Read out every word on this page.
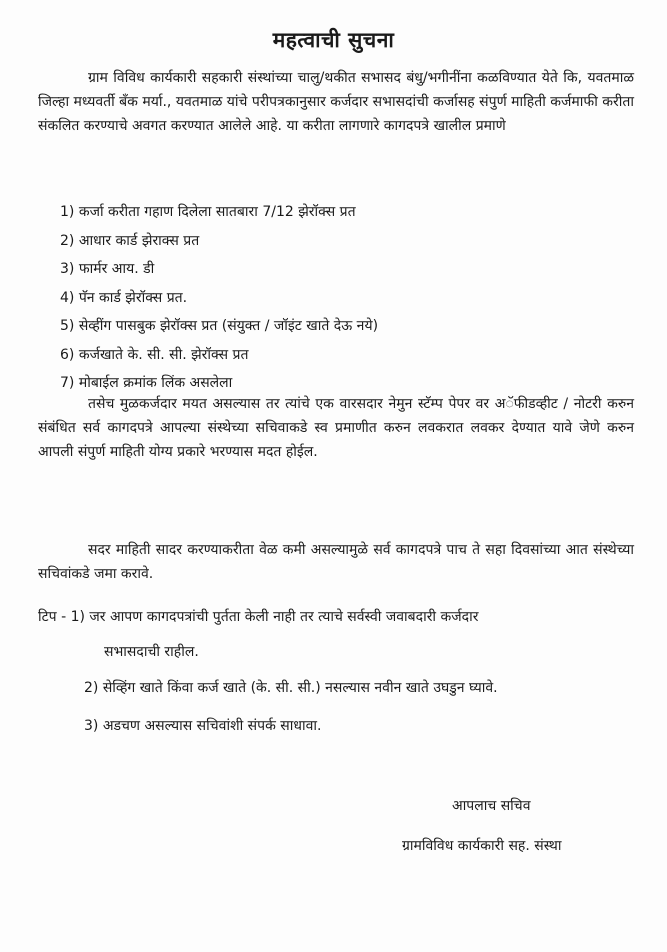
महत्वाची सुचना

ग्राम विविध कार्यकारी सहकारी संस्थांच्या चालु/थकीत सभासद बंधु/भगीनींना कळविण्यात येते कि, यवतमाळ जिल्हा मध्यवर्ती बँक मर्या., यवतमाळ यांचे परीपत्रकानुसार कर्जदार सभासदांची कर्जासह संपुर्ण माहिती कर्जमाफी करीता संकलित करण्याचे अवगत करण्यात आलेले आहे. या करीता लागणारे कागदपत्रे खालील प्रमाणे

1) कर्जा करीता गहाण दिलेला सातबारा 7/12 झेरॉक्स प्रत
2) आधार कार्ड झेराक्स प्रत
3) फार्मर आय. डी
4) पॅन कार्ड झेरॉक्स प्रत.
5) सेव्हींग पासबुक झेरॉक्स प्रत (संयुक्त / जॉइंट खाते देऊ नये)
6) कर्जखाते के. सी. सी. झेरॉक्स प्रत
7) मोबाईल क्रमांक लिंक असलेला

तसेच मुळकर्जदार मयत असल्यास तर त्यांचे एक वारसदार नेमुन स्टॅम्प पेपर वर अॅफीडव्हीट / नोटरी करुन संबंधित सर्व कागदपत्रे आपल्या संस्थेच्या सचिवाकडे स्व प्रमाणीत करुन लवकरात लवकर देण्यात यावे जेणे करुन आपली संपुर्ण माहिती योग्य प्रकारे भरण्यास मदत होईल.

सदर माहिती सादर करण्याकरीता वेळ कमी असल्यामुळे सर्व कागदपत्रे पाच ते सहा दिवसांच्या आत संस्थेच्या सचिवांकडे जमा करावे.

टिप - 1) जर आपण कागदपत्रांची पुर्तता केली नाही तर त्याचे सर्वस्वी जवाबदारी कर्जदार
सभासदाची राहील.
2) सेव्हिंग खाते किंवा कर्ज खाते (के. सी. सी.) नसल्यास नवीन खाते उघडुन घ्यावे.
3) अडचण असल्यास सचिवांशी संपर्क साधावा.
आपलाच सचिव
ग्रामविविध कार्यकारी सह. संस्था
